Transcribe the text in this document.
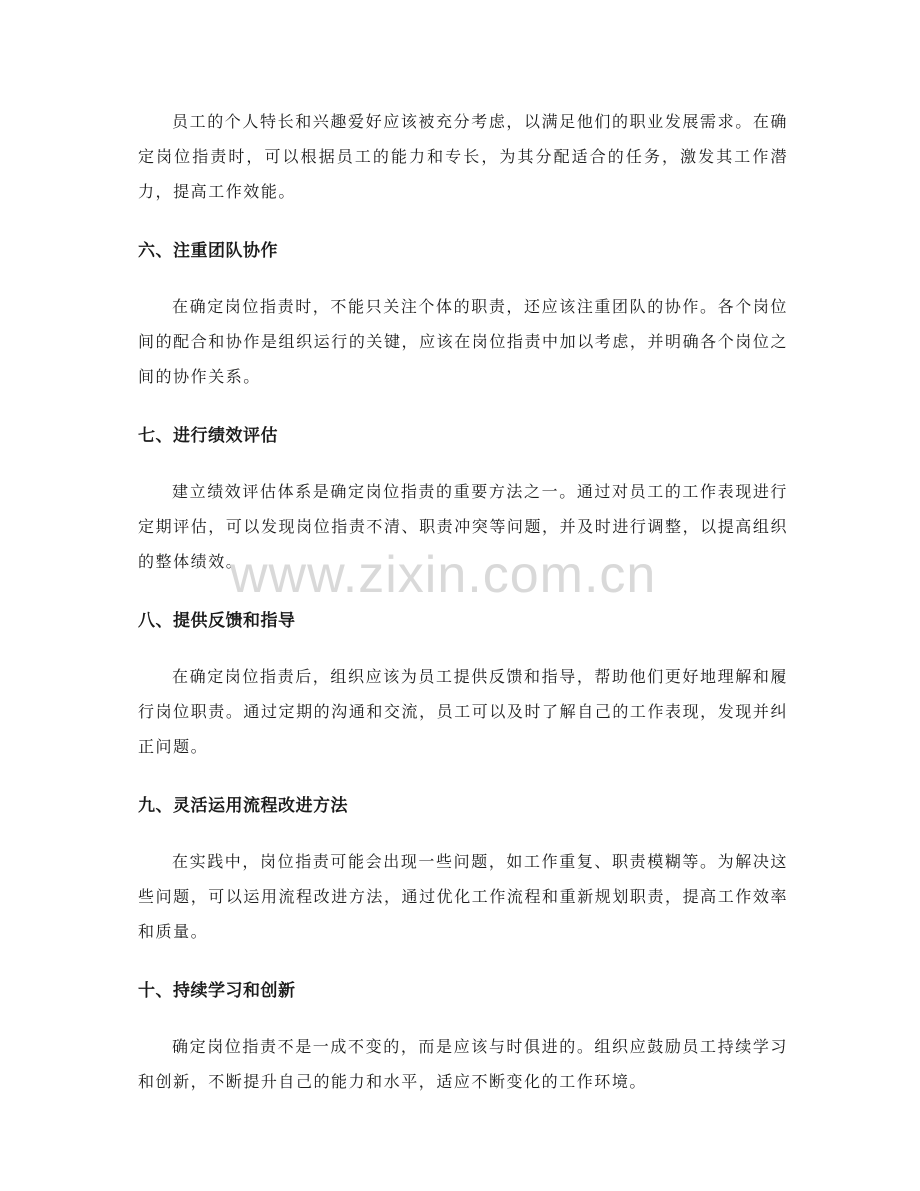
员工的个人特长和兴趣爱好应该被充分考虑，以满足他们的职业发展需求。在确定岗位指责时，可以根据员工的能力和专长，为其分配适合的任务，激发其工作潜力，提高工作效能。

六、注重团队协作

在确定岗位指责时，不能只关注个体的职责，还应该注重团队的协作。各个岗位间的配合和协作是组织运行的关键，应该在岗位指责中加以考虑，并明确各个岗位之间的协作关系。

七、进行绩效评估

建立绩效评估体系是确定岗位指责的重要方法之一。通过对员工的工作表现进行定期评估，可以发现岗位指责不清、职责冲突等问题，并及时进行调整，以提高组织的整体绩效。

八、提供反馈和指导

在确定岗位指责后，组织应该为员工提供反馈和指导，帮助他们更好地理解和履行岗位职责。通过定期的沟通和交流，员工可以及时了解自己的工作表现，发现并纠正问题。

九、灵活运用流程改进方法

在实践中，岗位指责可能会出现一些问题，如工作重复、职责模糊等。为解决这些问题，可以运用流程改进方法，通过优化工作流程和重新规划职责，提高工作效率和质量。

十、持续学习和创新

确定岗位指责不是一成不变的，而是应该与时俱进的。组织应鼓励员工持续学习和创新，不断提升自己的能力和水平，适应不断变化的工作环境。

www.zixin.com.cn
